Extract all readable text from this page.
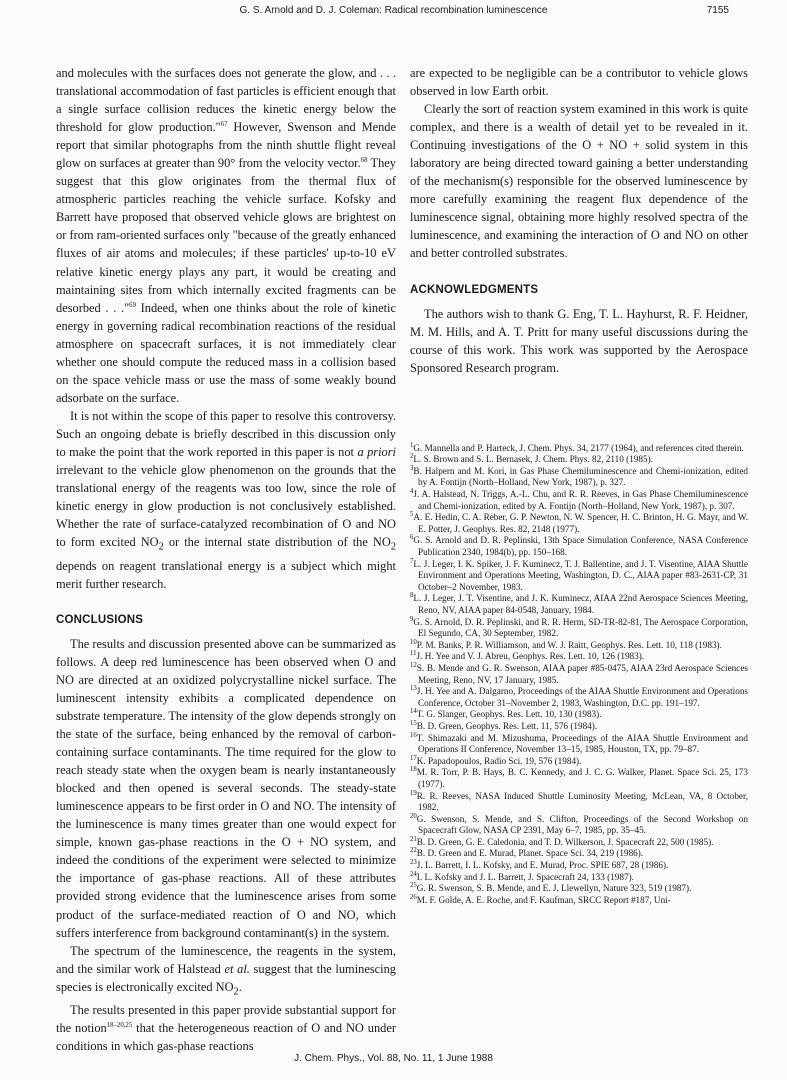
G. S. Arnold and D. J. Coleman: Radical recombination luminescence	7155

and molecules with the surfaces does not generate the glow, and . . . translational accommodation of fast particles is efficient enough that a single surface collision reduces the kinetic energy below the threshold for glow production."$^{67}$ However, Swenson and Mende report that similar photographs from the ninth shuttle flight reveal glow on surfaces at greater than 90° from the velocity vector.$^{68}$ They suggest that this glow originates from the thermal flux of atmospheric particles reaching the vehicle surface. Kofsky and Barrett have proposed that observed vehicle glows are brightest on or from ram-oriented surfaces only "because of the greatly enhanced fluxes of air atoms and molecules; if these particles' up-to-10 eV relative kinetic energy plays any part, it would be creating and maintaining sites from which internally excited fragments can be desorbed . . ."$^{69}$ Indeed, when one thinks about the role of kinetic energy in governing radical recombination reactions of the residual atmosphere on spacecraft surfaces, it is not immediately clear whether one should compute the reduced mass in a collision based on the space vehicle mass or use the mass of some weakly bound adsorbate on the surface.

It is not within the scope of this paper to resolve this controversy. Such an ongoing debate is briefly described in this discussion only to make the point that the work reported in this paper is not a priori irrelevant to the vehicle glow phenomenon on the grounds that the translational energy of the reagents was too low, since the role of kinetic energy in glow production is not conclusively established. Whether the rate of surface-catalyzed recombination of O and NO to form excited $NO_2$ or the internal state distribution of the $NO_2$ depends on reagent translational energy is a subject which might merit further research.

CONCLUSIONS

The results and discussion presented above can be summarized as follows. A deep red luminescence has been observed when O and NO are directed at an oxidized polycrystalline nickel surface. The luminescent intensity exhibits a complicated dependence on substrate temperature. The intensity of the glow depends strongly on the state of the surface, being enhanced by the removal of carbon-containing surface contaminants. The time required for the glow to reach steady state when the oxygen beam is nearly instantaneously blocked and then opened is several seconds. The steady-state luminescence appears to be first order in O and NO. The intensity of the luminescence is many times greater than one would expect for simple, known gas-phase reactions in the O + NO system, and indeed the conditions of the experiment were selected to minimize the importance of gas-phase reactions. All of these attributes provided strong evidence that the luminescence arises from some product of the surface-mediated reaction of O and NO, which suffers interference from background contaminant(s) in the system.

The spectrum of the luminescence, the reagents in the system, and the similar work of Halstead et al. suggest that the luminescing species is electronically excited $NO_2$.

The results presented in this paper provide substantial support for the notion$^{18-20,25}$ that the heterogeneous reaction of O and NO under conditions in which gas-phase reactions

are expected to be negligible can be a contributor to vehicle glows observed in low Earth orbit.

Clearly the sort of reaction system examined in this work is quite complex, and there is a wealth of detail yet to be revealed in it. Continuing investigations of the O + NO + solid system in this laboratory are being directed toward gaining a better understanding of the mechanism(s) responsible for the observed luminescence by more carefully examining the reagent flux dependence of the luminescence signal, obtaining more highly resolved spectra of the luminescence, and examining the interaction of O and NO on other and better controlled substrates.

ACKNOWLEDGMENTS

The authors wish to thank G. Eng, T. L. Hayhurst, R. F. Heidner, M. M. Hills, and A. T. Pritt for many useful discussions during the course of this work. This work was supported by the Aerospace Sponsored Research program.

$^1$G. Mannella and P. Harteck, J. Chem. Phys. 34, 2177 (1964), and references cited therein.

$^2$L. S. Brown and S. L. Bernasek, J. Chem. Phys. 82, 2110 (1985).

$^3$B. Halpern and M. Kori, in Gas Phase Chemiluminescence and Chemi-ionization, edited by A. Fontijn (North–Holland, New York, 1987), p. 327.

$^4$J. A. Halstead, N. Triggs, A.-L. Chu, and R. R. Reeves, in Gas Phase Chemiluminescence and Chemi-ionization, edited by A. Fontijn (North–Holland, New York, 1987), p. 307.

$^5$A. E. Hedin, C. A. Reber, G. P. Newton, N. W. Spencer, H. C. Brinton, H. G. Mayr, and W. E. Potter, J. Geophys. Res. 82, 2148 (1977).

$^6$G. S. Arnold and D. R. Peplinski, 13th Space Simulation Conference, NASA Conference Publication 2340, 1984(b), pp. 150–168.

$^7$L. J. Leger, I. K. Spiker, J. F. Kuminecz, T. J. Ballentine, and J. T. Visentine, AIAA Shuttle Environment and Operations Meeting, Washington, D. C., AIAA paper #83-2631-CP, 31 October–2 November, 1983.

$^8$L. J. Leger, J. T. Visentine, and J. K. Kuminecz, AIAA 22nd Aerospace Sciences Meeting, Reno, NV, AIAA paper 84-0548, January, 1984.

$^9$G. S. Arnold, D. R. Peplinski, and R. R. Herm, SD-TR-82-81, The Aerospace Corporation, El Segundo, CA, 30 September, 1982.

$^{10}$P. M. Banks, P. R. Williamson, and W. J. Raitt, Geophys. Res. Lett. 10, 118 (1983).

$^{11}$J. H. Yee and V. J. Abreu, Geophys. Res. Lett. 10, 126 (1983).

$^{12}$S. B. Mende and G. R. Swenson, AIAA paper #85-0475, AIAA 23rd Aerospace Sciences Meeting, Reno, NV, 17 January, 1985.

$^{13}$J. H. Yee and A. Dalgarno, Proceedings of the AIAA Shuttle Environment and Operations Conference, October 31–November 2, 1983, Washington, D.C. pp. 191–197.

$^{14}$T. G. Slanger, Geophys. Res. Lett. 10, 130 (1983).

$^{15}$B. D. Green, Geophys. Res. Lett. 11, 576 (1984).

$^{16}$T. Shimazaki and M. Mizushuma, Proceedings of the AIAA Shuttle Environment and Operations II Conference, November 13–15, 1985, Houston, TX, pp. 79–87.

$^{17}$K. Papadopoulos, Radio Sci. 19, 576 (1984).

$^{18}$M. R. Torr, P. B. Hays, B. C. Kennedy, and J. C. G. Walker, Planet. Space Sci. 25, 173 (1977).

$^{19}$R. R. Reeves, NASA Induced Shuttle Luminosity Meeting, McLean, VA, 8 October, 1982.

$^{20}$G. Swenson, S. Mende, and S. Clifton, Proceedings of the Second Workshop on Spacecraft Glow, NASA CP 2391, May 6–7, 1985, pp. 35–45.

$^{21}$B. D. Green, G. E. Caledonia, and T. D. Wilkerson, J. Spacecraft 22, 500 (1985).

$^{22}$B. D. Green and E. Murad, Planet. Space Sci. 34, 219 (1986).

$^{23}$J. L. Barrett, I. L. Kofsky, and E. Murad, Proc. SPIE 687, 28 (1986).

$^{24}$I. L. Kofsky and J. L. Barrett, J. Spacecraft 24, 133 (1987).

$^{25}$G. R. Swenson, S. B. Mende, and E. J. Llewellyn, Nature 323, 519 (1987).

$^{26}$M. F. Golde, A. E. Roche, and F. Kaufman, SRCC Report #187, Uni-

J. Chem. Phys., Vol. 88, No. 11, 1 June 1988
